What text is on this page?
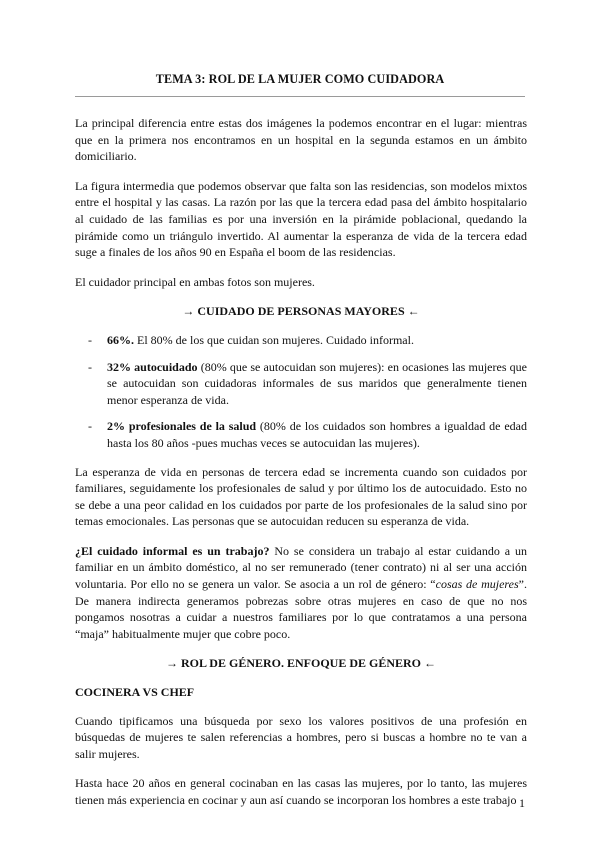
TEMA 3: ROL DE LA MUJER COMO CUIDADORA

La principal diferencia entre estas dos imágenes la podemos encontrar en el lugar: mientras que en la primera nos encontramos en un hospital en la segunda estamos en un ámbito domiciliario.

La figura intermedia que podemos observar que falta son las residencias, son modelos mixtos entre el hospital y las casas. La razón por las que la tercera edad pasa del ámbito hospitalario al cuidado de las familias es por una inversión en la pirámide poblacional, quedando la pirámide como un triángulo invertido. Al aumentar la esperanza de vida de la tercera edad suge a finales de los años 90 en España el boom de las residencias.

El cuidador principal en ambas fotos son mujeres.

→ CUIDADO DE PERSONAS MAYORES ←
- 66%. El 80% de los que cuidan son mujeres. Cuidado informal.
- 32% autocuidado (80% que se autocuidan son mujeres): en ocasiones las mujeres que se autocuidan son cuidadoras informales de sus maridos que generalmente tienen menor esperanza de vida.
- 2% profesionales de la salud (80% de los cuidados son hombres a igualdad de edad hasta los 80 años -pues muchas veces se autocuidan las mujeres).

La esperanza de vida en personas de tercera edad se incrementa cuando son cuidados por familiares, seguidamente los profesionales de salud y por último los de autocuidado. Esto no se debe a una peor calidad en los cuidados por parte de los profesionales de la salud sino por temas emocionales. Las personas que se autocuidan reducen su esperanza de vida.

¿El cuidado informal es un trabajo? No se considera un trabajo al estar cuidando a un familiar en un ámbito doméstico, al no ser remunerado (tener contrato) ni al ser una acción voluntaria. Por ello no se genera un valor. Se asocia a un rol de género: “cosas de mujeres”. De manera indirecta generamos pobrezas sobre otras mujeres en caso de que no nos pongamos nosotras a cuidar a nuestros familiares por lo que contratamos a una persona “maja” habitualmente mujer que cobre poco.

→ ROL DE GÉNERO. ENFOQUE DE GÉNERO ←
COCINERA VS CHEF

Cuando tipificamos una búsqueda por sexo los valores positivos de una profesión en búsquedas de mujeres te salen referencias a hombres, pero si buscas a hombre no te van a salir mujeres.

Hasta hace 20 años en general cocinaban en las casas las mujeres, por lo tanto, las mujeres tienen más experiencia en cocinar y aun así cuando se incorporan los hombres a este trabajo 1
